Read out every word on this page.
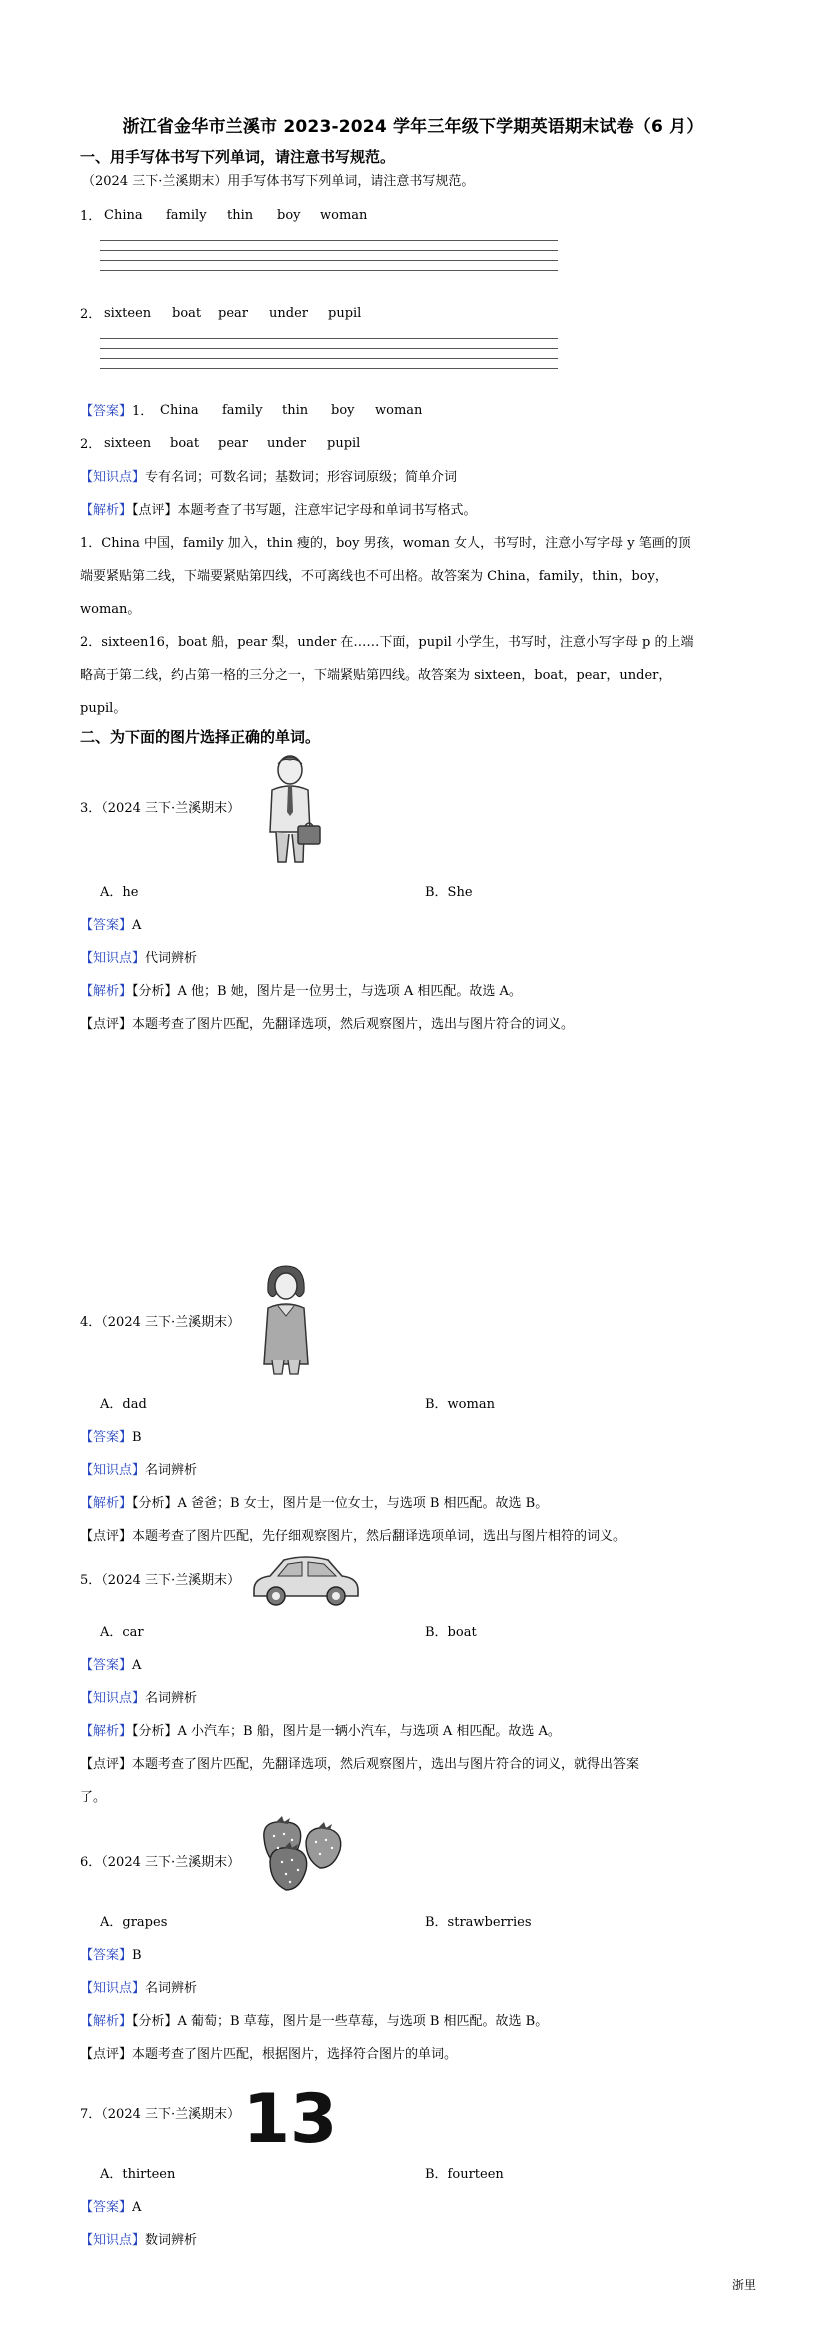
浙江省金华市兰溪市 2023-2024 学年三年级下学期英语期末试卷（6 月）
一、用手写体书写下列单词，请注意书写规范。
（2024 三下·兰溪期末）用手写体书写下列单词，请注意书写规范。
1． China family thin boy woman
2． sixteen boat pear under pupil
【答案】1． China family thin boy woman
2． sixteen boat pear under pupil
【知识点】专有名词；可数名词；基数词；形容词原级；简单介词
【解析】【点评】本题考查了书写题，注意牢记字母和单词书写格式。
1．China 中国，family 加入，thin 瘦的，boy 男孩，woman 女人，书写时，注意小写字母 y 笔画的顶
端要紧贴第二线，下端要紧贴第四线，不可离线也不可出格。故答案为 China，family，thin，boy，
woman。
2．sixteen16，boat 船，pear 梨，under 在……下面，pupil 小学生，书写时，注意小写字母 p 的上端
略高于第二线，约占第一格的三分之一，下端紧贴第四线。故答案为 sixteen，boat，pear，under，
pupil。
二、为下面的图片选择正确的单词。
3．（2024 三下·兰溪期末）
A．he	B．She
【答案】A
【知识点】代词辨析
【解析】【分析】A 他；B 她，图片是一位男士，与选项 A 相匹配。故选 A。
【点评】本题考查了图片匹配，先翻译选项，然后观察图片，选出与图片符合的词义。
4．（2024 三下·兰溪期末）
A．dad	B．woman
【答案】B
【知识点】名词辨析
【解析】【分析】A 爸爸；B 女士，图片是一位女士，与选项 B 相匹配。故选 B。
【点评】本题考查了图片匹配，先仔细观察图片，然后翻译选项单词，选出与图片相符的词义。
5．（2024 三下·兰溪期末）
A．car	B．boat
【答案】A
【知识点】名词辨析
【解析】【分析】A 小汽车；B 船，图片是一辆小汽车，与选项 A 相匹配。故选 A。
【点评】本题考查了图片匹配，先翻译选项，然后观察图片，选出与图片符合的词义，就得出答案
了。
6．（2024 三下·兰溪期末）
A．grapes	B．strawberries
【答案】B
【知识点】名词辨析
【解析】【分析】A 葡萄；B 草莓，图片是一些草莓，与选项 B 相匹配。故选 B。
【点评】本题考查了图片匹配，根据图片，选择符合图片的单词。
7．（2024 三下·兰溪期末） 13
A．thirteen	B．fourteen
【答案】A
【知识点】数词辨析
浙里
